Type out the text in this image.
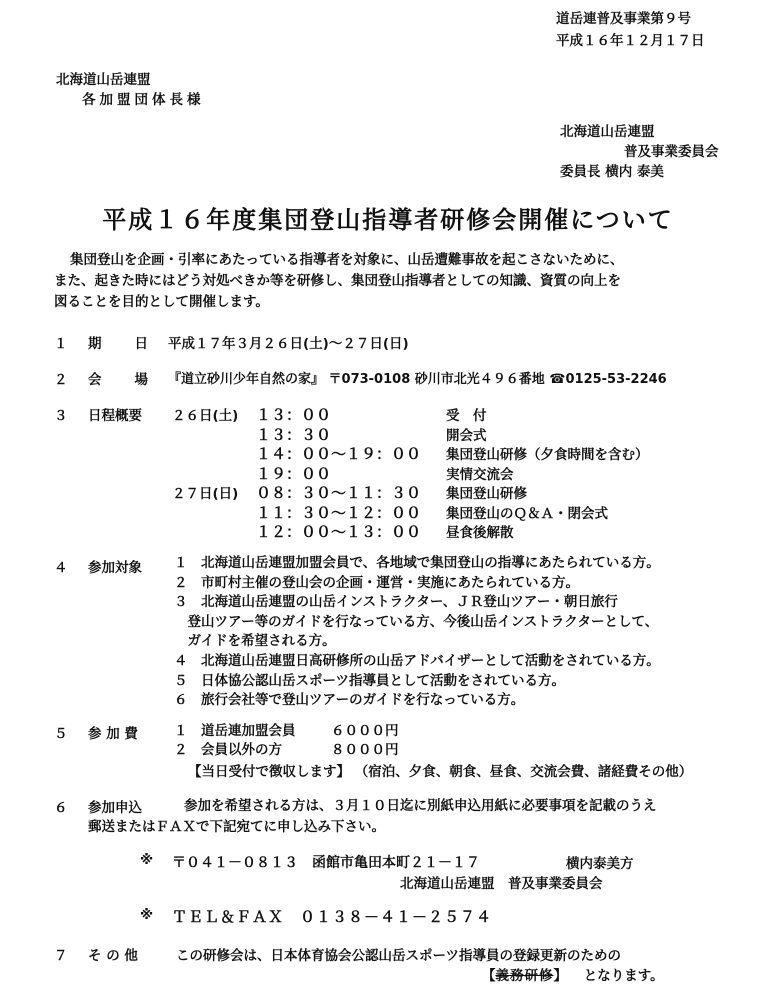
道岳連普及事業第９号
平成１６年１２月１７日
北海道山岳連盟
各加盟団体長様
北海道山岳連盟
普及事業委員会
委員長 横内 泰美
平成１６年度集団登山指導者研修会開催について
集団登山を企画・引率にあたっている指導者を対象に、山岳遭難事故を起こさないために、
また、起きた時にはどう対処べきか等を研修し、集団登山指導者としての知識、資質の向上を
図ることを目的として開催します。
１ 期　　日 平成１７年３月２６日(土)～２７日(日)
２ 会　　場 『道立砂川少年自然の家』 〒073-0108 砂川市北光４９６番地 ☎0125-53-2246
３ 日程概要 ２６日(土) １３：００	受　付
１３：３０	開会式
１４：００～１９：００ 集団登山研修（夕食時間を含む）
１９：００	実情交流会
２７日(日) ０８：３０～１１：３０ 集団登山研修
１１：３０～１２：００ 集団登山のＱ＆Ａ・閉会式
１２：００～１３：００ 昼食後解散
４ 参加対象 １　北海道山岳連盟加盟会員で、各地域で集団登山の指導にあたられている方。
２　市町村主催の登山会の企画・運営・実施にあたられている方。
３　北海道山岳連盟の山岳インストラクター、ＪＲ登山ツアー・朝日旅行
　登山ツアー等のガイドを行なっている方、今後山岳インストラクターとして、
　ガイドを希望される方。
４　北海道山岳連盟日高研修所の山岳アドバイザーとして活動をされている方。
５　日体協公認山岳スポーツ指導員として活動をされている方。
６　旅行会社等で登山ツアーのガイドを行なっている方。
５ 参 加 費	１　 道岳連加盟会員	６０００円
２　 会員以外の方	８０００円
【当日受付で徴収します】 （宿泊、夕食、朝食、昼食、交流会費、諸経費その他）
６ 参加申込	参加を希望される方は、３月１０日迄に別紙申込用紙に必要事項を記載のうえ
郵送またはＦＡＸで下記宛てに申し込み下さい。
※ 〒０４１－０８１３　函館市亀田本町２１－１７	横内泰美方
北海道山岳連盟　普及事業委員会
※ ＴＥＬ＆ＦＡＸ　０１３８－４１－２５７４
７ そ の 他	この研修会は、日本体育協会公認山岳スポーツ指導員の登録更新のための
【義務研修】 となります。
